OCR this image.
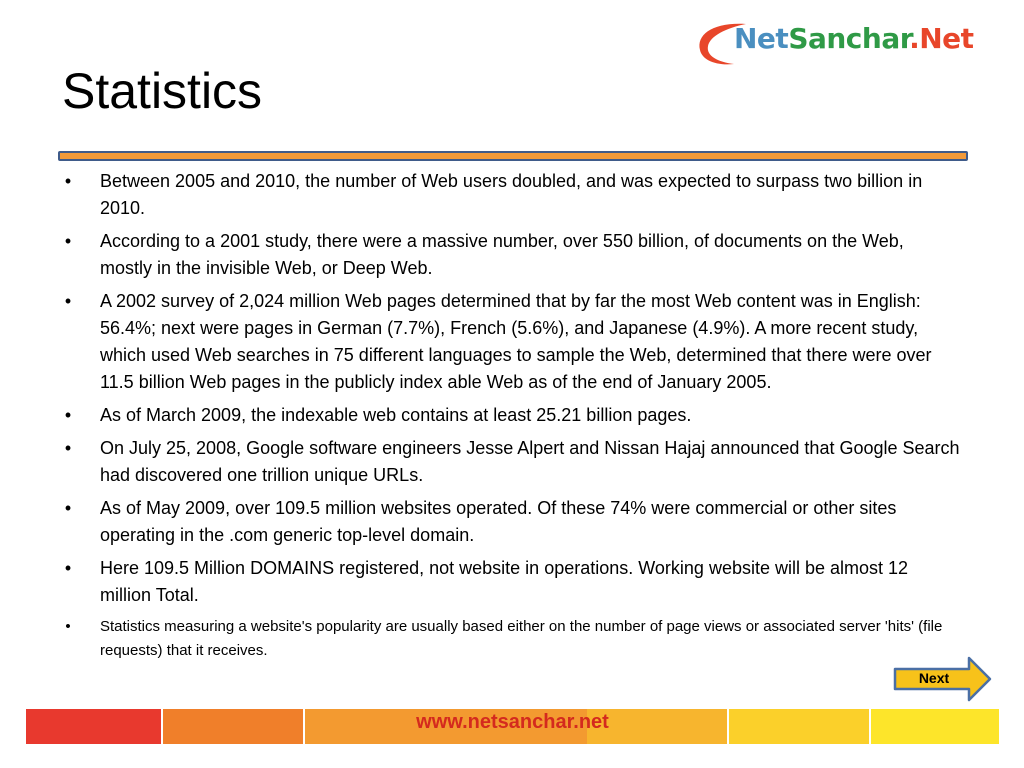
NetSanchar.Net
Statistics
•	Between 2005 and 2010, the number of Web users doubled, and was expected to surpass two billion in 2010.
•	According to a 2001 study, there were a massive number, over 550 billion, of documents on the Web, mostly in the invisible Web, or Deep Web.
•	A 2002 survey of 2,024 million Web pages determined that by far the most Web content was in English: 56.4%; next were pages in German (7.7%), French (5.6%), and Japanese (4.9%). A more recent study, which used Web searches in 75 different languages to sample the Web, determined that there were over 11.5 billion Web pages in the publicly index able Web as of the end of January 2005.
•	As of March 2009, the indexable web contains at least 25.21 billion pages.
•	On July 25, 2008, Google software engineers Jesse Alpert and Nissan Hajaj announced that Google Search had discovered one trillion unique URLs.
•	As of May 2009, over 109.5 million websites operated. Of these 74% were commercial or other sites operating in the .com generic top-level domain.
•	Here 109.5 Million DOMAINS registered, not website in operations. Working website will be almost 12 million Total.
•	Statistics measuring a website's popularity are usually based either on the number of page views or associated server 'hits' (file requests) that it receives.
Next
www.netsanchar.net
